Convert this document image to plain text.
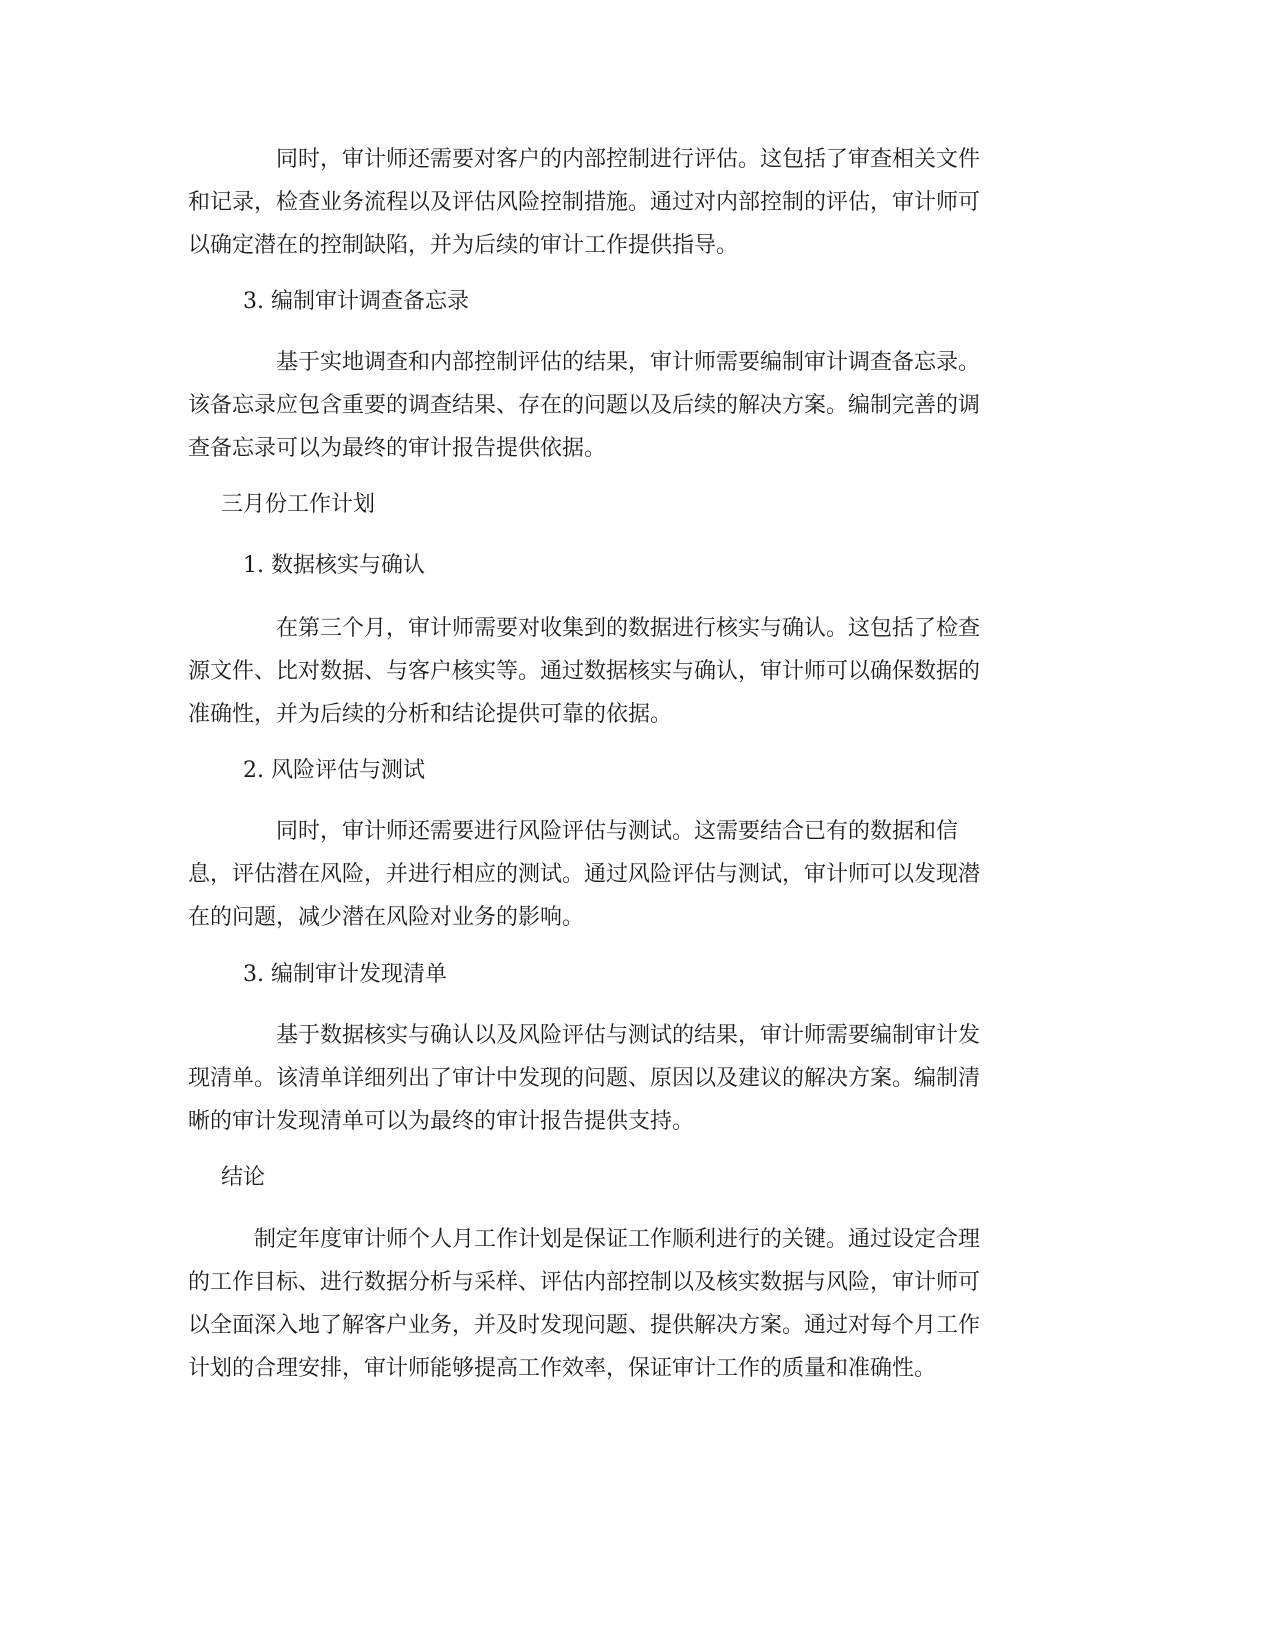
　　　　同时，审计师还需要对客户的内部控制进行评估。这包括了审查相关文件
和记录，检查业务流程以及评估风险控制措施。通过对内部控制的评估，审计师可
以确定潜在的控制缺陷，并为后续的审计工作提供指导。

3. 编制审计调查备忘录

　　　　基于实地调查和内部控制评估的结果，审计师需要编制审计调查备忘录。
该备忘录应包含重要的调查结果、存在的问题以及后续的解决方案。编制完善的调
查备忘录可以为最终的审计报告提供依据。

三月份工作计划

1. 数据核实与确认

　　　　在第三个月，审计师需要对收集到的数据进行核实与确认。这包括了检查
源文件、比对数据、与客户核实等。通过数据核实与确认，审计师可以确保数据的
准确性，并为后续的分析和结论提供可靠的依据。

2. 风险评估与测试

　　　　同时，审计师还需要进行风险评估与测试。这需要结合已有的数据和信
息，评估潜在风险，并进行相应的测试。通过风险评估与测试，审计师可以发现潜
在的问题，减少潜在风险对业务的影响。

3. 编制审计发现清单

　　　　基于数据核实与确认以及风险评估与测试的结果，审计师需要编制审计发
现清单。该清单详细列出了审计中发现的问题、原因以及建议的解决方案。编制清
晰的审计发现清单可以为最终的审计报告提供支持。

结论

　　　制定年度审计师个人月工作计划是保证工作顺利进行的关键。通过设定合理
的工作目标、进行数据分析与采样、评估内部控制以及核实数据与风险，审计师可
以全面深入地了解客户业务，并及时发现问题、提供解决方案。通过对每个月工作
计划的合理安排，审计师能够提高工作效率，保证审计工作的质量和准确性。
